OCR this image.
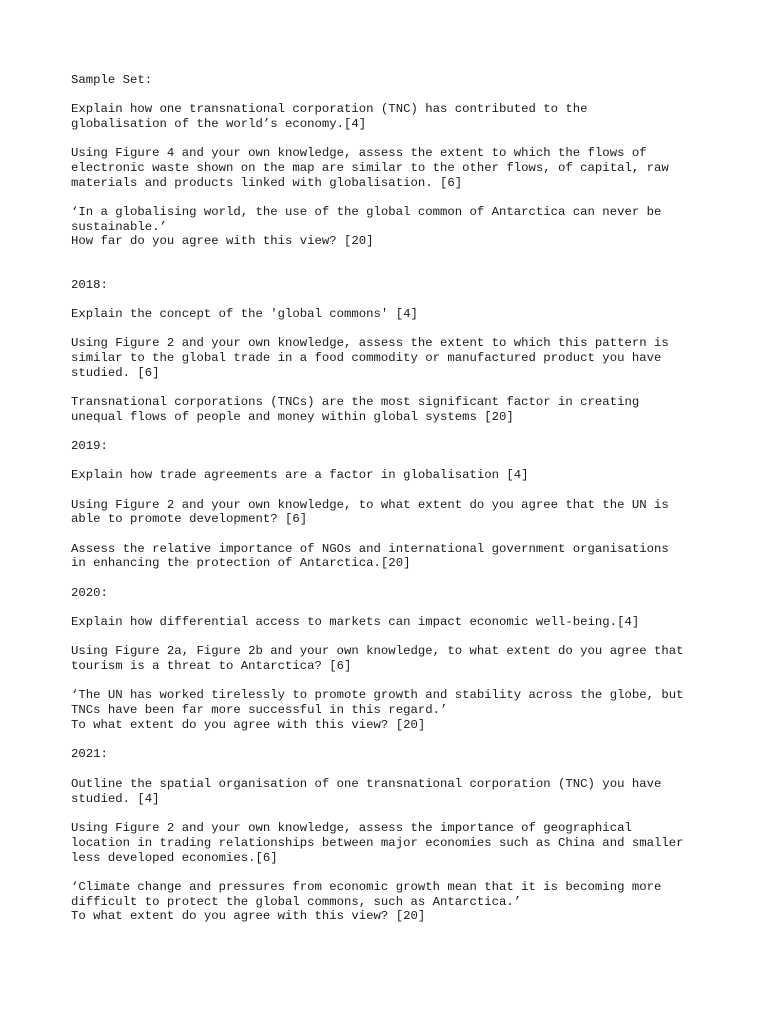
Sample Set:

Explain how one transnational corporation (TNC) has contributed to the

globalisation of the world’s economy.[4]

Using Figure 4 and your own knowledge, assess the extent to which the flows of

electronic waste shown on the map are similar to the other flows, of capital, raw

materials and products linked with globalisation. [6]

‘In a globalising world, the use of the global common of Antarctica can never be

sustainable.’

How far do you agree with this view? [20]

2018:

Explain the concept of the 'global commons' [4]

Using Figure 2 and your own knowledge, assess the extent to which this pattern is

similar to the global trade in a food commodity or manufactured product you have

studied. [6]

Transnational corporations (TNCs) are the most significant factor in creating

unequal flows of people and money within global systems [20]

2019:

Explain how trade agreements are a factor in globalisation [4]

Using Figure 2 and your own knowledge, to what extent do you agree that the UN is

able to promote development? [6]

Assess the relative importance of NGOs and international government organisations

in enhancing the protection of Antarctica.[20]

2020:

Explain how differential access to markets can impact economic well-being.[4]

Using Figure 2a, Figure 2b and your own knowledge, to what extent do you agree that

tourism is a threat to Antarctica? [6]

‘The UN has worked tirelessly to promote growth and stability across the globe, but

TNCs have been far more successful in this regard.’

To what extent do you agree with this view? [20]

2021:

Outline the spatial organisation of one transnational corporation (TNC) you have

studied. [4]

Using Figure 2 and your own knowledge, assess the importance of geographical

location in trading relationships between major economies such as China and smaller

less developed economies.[6]

‘Climate change and pressures from economic growth mean that it is becoming more

difficult to protect the global commons, such as Antarctica.’

To what extent do you agree with this view? [20]
